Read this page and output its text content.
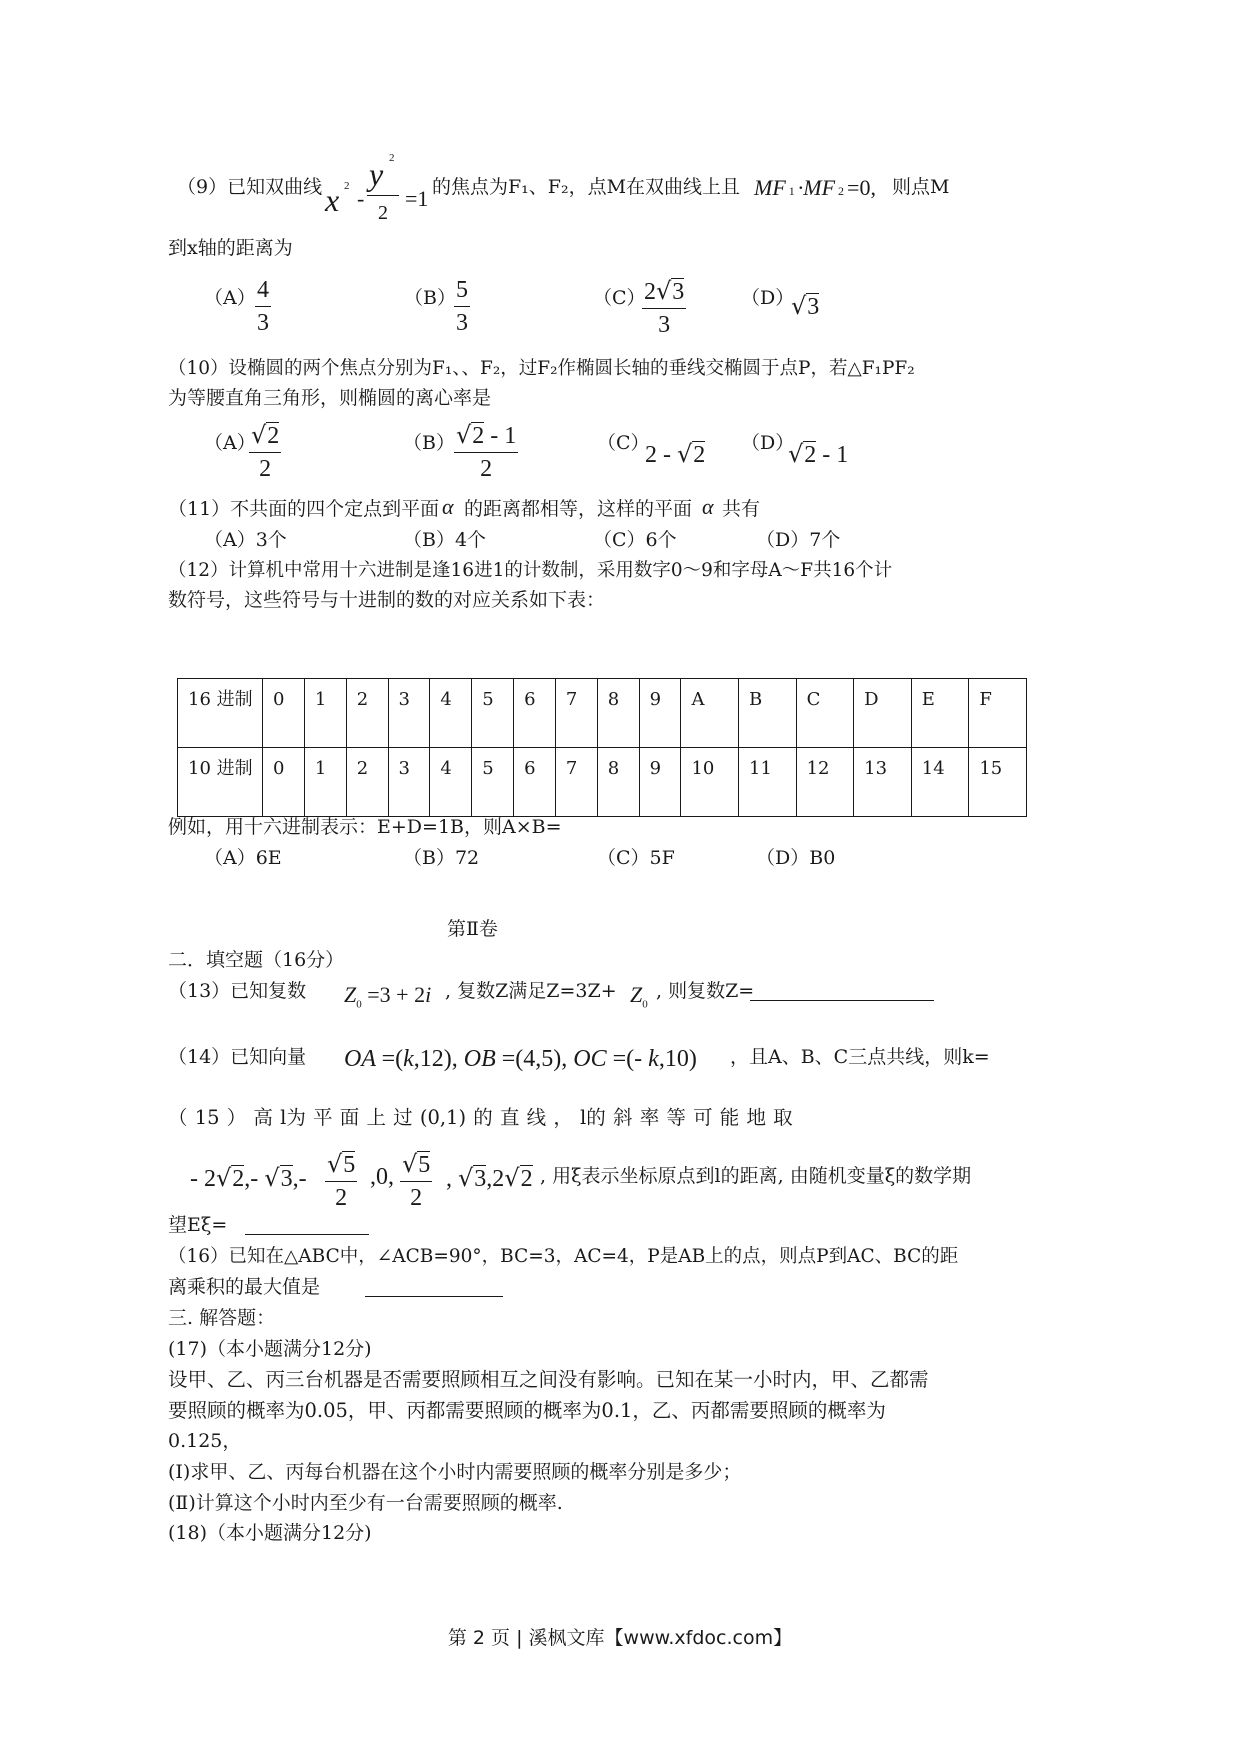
（9）已知双曲线 x 2 -
y 2
2
=1 的焦点为F₁、F₂，点M在双曲线上且 MF 1 ·MF 2 =0, 则点M
到x轴的距离为
（A） 4
3
（B） 5
3
（C）
2√3
3
（D）
√3
（10）设椭圆的两个焦点分别为F₁、、F₂，过F₂作椭圆长轴的垂线交椭圆于点P，若△F₁PF₂
为等腰直角三角形，则椭圆的离心率是
（A）
√2
2
（B） √2 - 1
2
（C）
2 - √2 （D）
√2 - 1
（11）不共面的四个定点到平面 α 的距离都相等，这样的平面 α 共有
（A）3个	（B）4个	（C）6个	（D）7个
（12）计算机中常用十六进制是逢16进1的计数制，采用数字0～9和字母A～F共16个计
数符号，这些符号与十进制的数的对应关系如下表：
16 进制	0	1	2	3	4	5	6	7	8	9	A	B	C	D	E	F
10 进制	0	1	2	3	4	5	6	7	8	9	10	11	12	13	14	15
例如，用十六进制表示：E+D=1B，则A×B=
（A）6E	（B）72	（C）5F	（D）B0
第Ⅱ卷
二．填空题（16分）
（13）已知复数 $Z_0 =3 + 2i$ , 复数Z满足$Z=3Z+ Z_0$
, 则复数Z=
（14）已知向量 OA =(k,12), OB =(4,5), OC =(- k,10) ，且A、B、C三点共线，则k=
（ 15 ） 高 l为 平 面 上 过 (0,1) 的 直 线 ， l的 斜 率 等 可 能 地 取
- 2√2,- √3,-
√5
2
,0, √5
2
, √3,2√2 , 用ξ表示坐标原点到l的距离, 由随机变量ξ的数学期
望Eξ=
（16）已知在△ABC中，∠ACB=90°，BC=3，AC=4，P是AB上的点，则点P到AC、BC的距
离乘积的最大值是
三. 解答题：
(17)（本小题满分12分)
设甲、乙、丙三台机器是否需要照顾相互之间没有影响。已知在某一小时内，甲、乙都需
要照顾的概率为0.05，甲、丙都需要照顾的概率为0.1，乙、丙都需要照顾的概率为
0.125，
(Ⅰ)求甲、乙、丙每台机器在这个小时内需要照顾的概率分别是多少；
(Ⅱ)计算这个小时内至少有一台需要照顾的概率.
(18)（本小题满分12分)
第 2 页 | 溪枫文库【www.xfdoc.com】
